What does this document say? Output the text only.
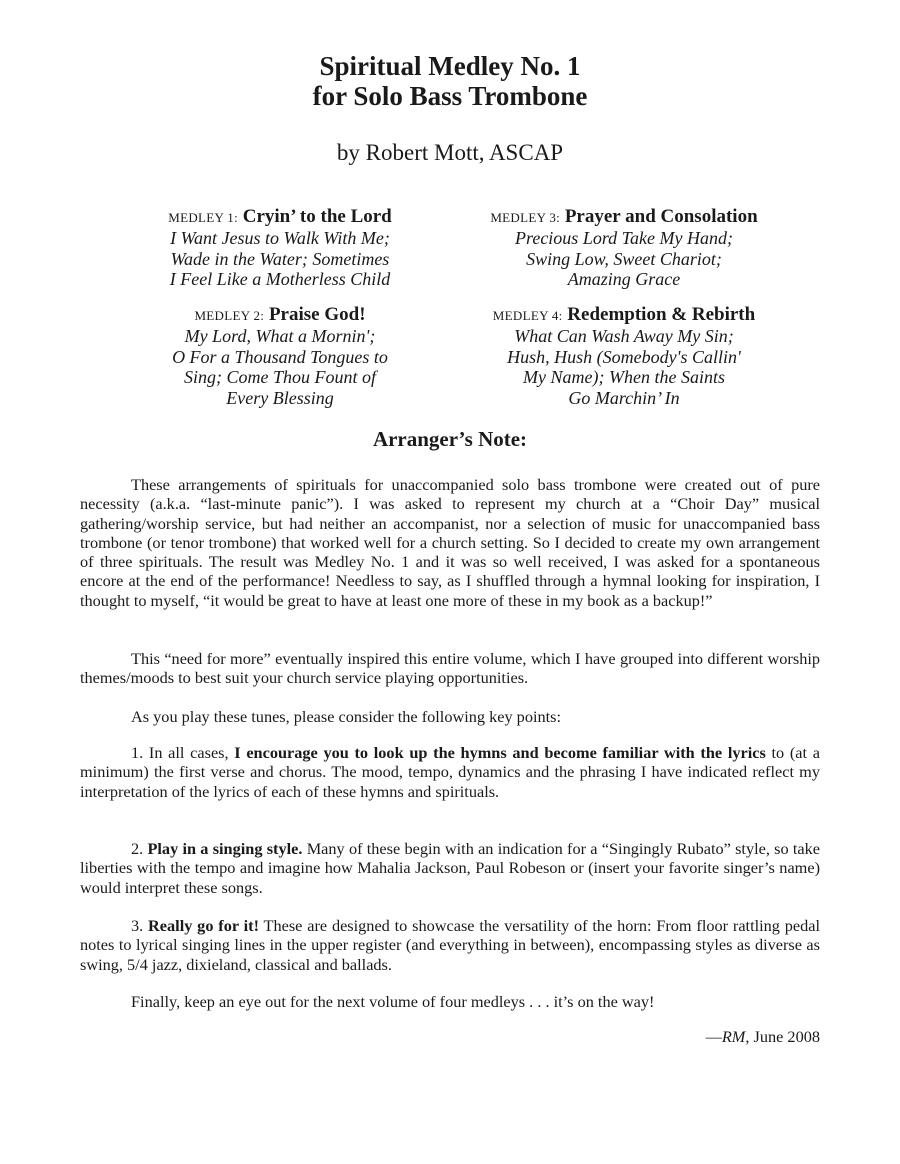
Spiritual Medley No. 1
for Solo Bass Trombone
by Robert Mott, ASCAP
MEDLEY 1: Cryin’ to the Lord
I Want Jesus to Walk With Me;
Wade in the Water; Sometimes
I Feel Like a Motherless Child
MEDLEY 2: Praise God!
My Lord, What a Mornin';
O For a Thousand Tongues to
Sing; Come Thou Fount of
Every Blessing
MEDLEY 3: Prayer and Consolation
Precious Lord Take My Hand;
Swing Low, Sweet Chariot;
Amazing Grace
MEDLEY 4: Redemption & Rebirth
What Can Wash Away My Sin;
Hush, Hush (Somebody's Callin'
My Name); When the Saints
Go Marchin’ In
Arranger’s Note:
These arrangements of spirituals for unaccompanied solo bass trombone were created out of pure necessity (a.k.a. “last-minute panic”). I was asked to represent my church at a “Choir Day” musical gathering/worship service, but had neither an accompanist, nor a selection of music for unaccompanied bass trombone (or tenor trombone) that worked well for a church setting. So I decided to create my own arrangement of three spirituals. The result was Medley No. 1 and it was so well received, I was asked for a spontaneous encore at the end of the performance! Needless to say, as I shuffled through a hymnal looking for inspiration, I thought to myself, “it would be great to have at least one more of these in my book as a backup!”
This “need for more” eventually inspired this entire volume, which I have grouped into different worship themes/moods to best suit your church service playing opportunities.
As you play these tunes, please consider the following key points:
1. In all cases, I encourage you to look up the hymns and become familiar with the lyrics to (at a minimum) the first verse and chorus. The mood, tempo, dynamics and the phrasing I have indicated reflect my interpretation of the lyrics of each of these hymns and spirituals.
2. Play in a singing style. Many of these begin with an indication for a “Singingly Rubato” style, so take liberties with the tempo and imagine how Mahalia Jackson, Paul Robeson or (insert your favorite singer’s name) would interpret these songs.
3. Really go for it! These are designed to showcase the versatility of the horn: From floor rattling pedal notes to lyrical singing lines in the upper register (and everything in between), encompassing styles as diverse as swing, 5/4 jazz, dixieland, classical and ballads.
Finally, keep an eye out for the next volume of four medleys . . . it’s on the way!
—RM, June 2008
